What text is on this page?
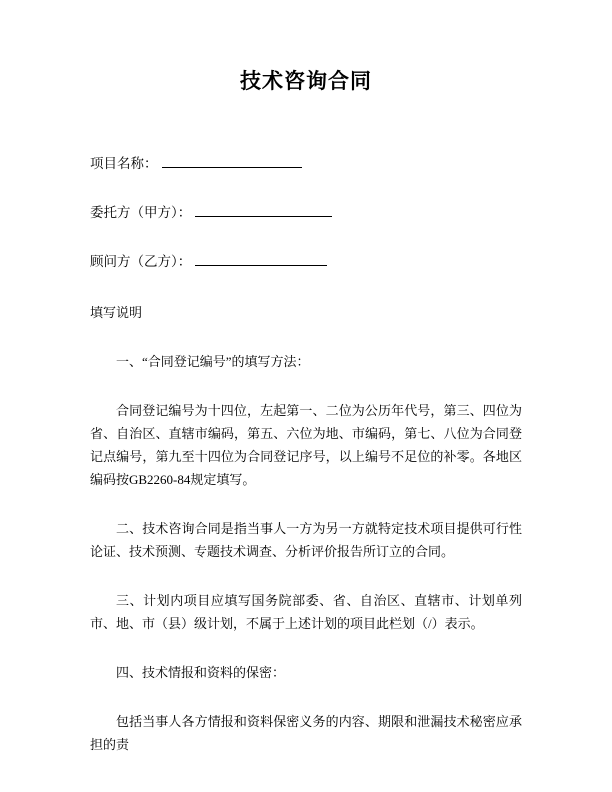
技术咨询合同
项目名称：
委托方（甲方）：
顾问方（乙方）：

填写说明

一、“合同登记编号”的填写方法：

合同登记编号为十四位，左起第一、二位为公历年代号，第三、四位为省、自治区、直辖市编码，第五、六位为地、市编码，第七、八位为合同登记点编号，第九至十四位为合同登记序号，以上编号不足位的补零。各地区编码按GB2260-84规定填写。

二、技术咨询合同是指当事人一方为另一方就特定技术项目提供可行性论证、技术预测、专题技术调查、分析评价报告所订立的合同。

三、计划内项目应填写国务院部委、省、自治区、直辖市、计划单列市、地、市（县）级计划，不属于上述计划的项目此栏划（/）表示。

四、技术情报和资料的保密：

包括当事人各方情报和资料保密义务的内容、期限和泄漏技术秘密应承担的责
